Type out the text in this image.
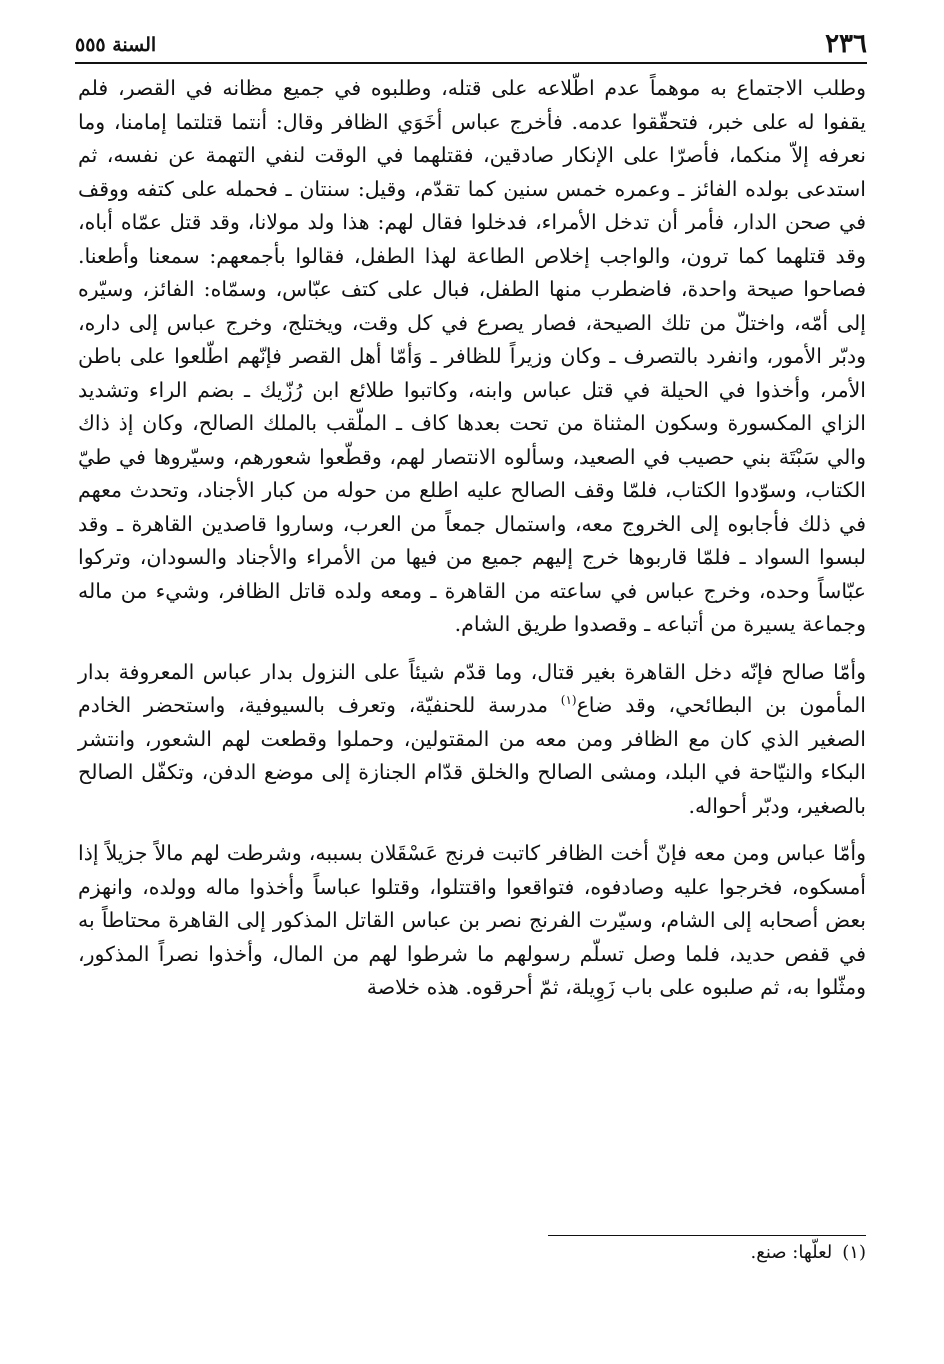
٢٣٦
السنة ٥٥٥

وطلب الاجتماع به موهماً عدم اطّلاعه على قتله، وطلبوه في جميع مظانه في القصر، فلم يقفوا له على خبر، فتحقّقوا عدمه. فأخرج عباس أخَوَي الظافر وقال: أنتما قتلتما إمامنا، وما نعرفه إلاّ منكما، فأصرّا على الإنكار صادقين، فقتلهما في الوقت لنفي التهمة عن نفسه، ثم استدعى بولده الفائز ـ وعمره خمس سنين كما تقدّم، وقيل: سنتان ـ فحمله على كتفه ووقف في صحن الدار، فأمر أن تدخل الأمراء، فدخلوا فقال لهم: هذا ولد مولانا، وقد قتل عمّاه أباه، وقد قتلهما كما ترون، والواجب إخلاص الطاعة لهذا الطفل، فقالوا بأجمعهم: سمعنا وأطعنا. فصاحوا صيحة واحدة، فاضطرب منها الطفل، فبال على كتف عبّاس، وسمّاه: الفائز، وسيّره إلى أمّه، واختلّ من تلك الصيحة، فصار يصرع في كل وقت، ويختلج، وخرج عباس إلى داره، ودبّر الأمور، وانفرد بالتصرف ـ وكان وزيراً للظافر ـ وَأمّا أهل القصر فإنّهم اطّلعوا على باطن الأمر، وأخذوا في الحيلة في قتل عباس وابنه، وكاتبوا طلائع ابن رُزّيك ـ بضم الراء وتشديد الزاي المكسورة وسكون المثناة من تحت بعدها كاف ـ الملّقب بالملك الصالح، وكان إذ ذاك والي سَبْتَة بني حصيب في الصعيد، وسألوه الانتصار لهم، وقطّعوا شعورهم، وسيّروها في طيّ الكتاب، وسوّدوا الكتاب، فلمّا وقف الصالح عليه اطلع من حوله من كبار الأجناد، وتحدث معهم في ذلك فأجابوه إلى الخروج معه، واستمال جمعاً من العرب، وساروا قاصدين القاهرة ـ وقد لبسوا السواد ـ فلمّا قاربوها خرج إليهم جميع من فيها من الأمراء والأجناد والسودان، وتركوا عبّاساً وحده، وخرج عباس في ساعته من القاهرة ـ ومعه ولده قاتل الظافر، وشيء من ماله وجماعة يسيرة من أتباعه ـ وقصدوا طريق الشام.

وأمّا صالح فإنّه دخل القاهرة بغير قتال، وما قدّم شيئاً على النزول بدار عباس المعروفة بدار المأمون بن البطائحي، وقد ضاع$^{(١)}$ مدرسة للحنفيّة، وتعرف بالسيوفية، واستحضر الخادم الصغير الذي كان مع الظافر ومن معه من المقتولين، وحملوا وقطعت لهم الشعور، وانتشر البكاء والنيّاحة في البلد، ومشى الصالح والخلق قدّام الجنازة إلى موضع الدفن، وتكفّل الصالح بالصغير، ودبّر أحواله.

وأمّا عباس ومن معه فإنّ أخت الظافر كاتبت فرنج عَسْقَلان بسببه، وشرطت لهم مالاً جزيلاً إذا أمسكوه، فخرجوا عليه وصادفوه، فتواقعوا واقتتلوا، وقتلوا عباساً وأخذوا ماله وولده، وانهزم بعض أصحابه إلى الشام، وسيّرت الفرنج نصر بن عباس القاتل المذكور إلى القاهرة محتاطاً به في قفص حديد، فلما وصل تسلّم رسولهم ما شرطوا لهم من المال، وأخذوا نصراً المذكور، ومثّلوا به، ثم صلبوه على باب زَوِيلة، ثمّ أحرقوه. هذه خلاصة

(١)لعلّها: صنع.
